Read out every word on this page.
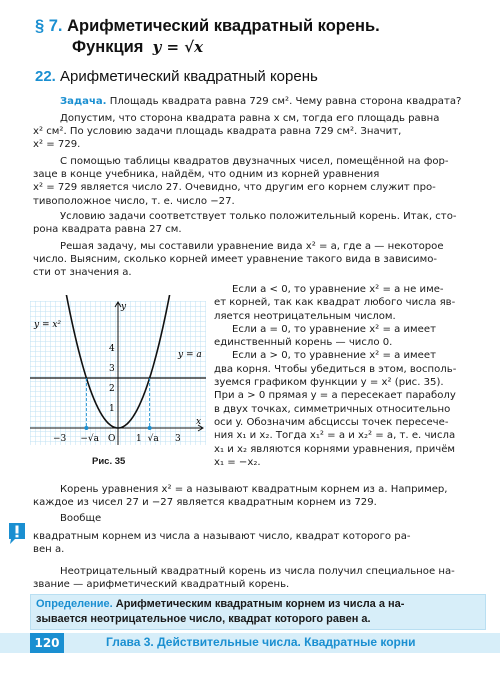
§ 7. Арифметический квадратный корень.
Функция y = √x
22. Арифметический квадратный корень
Задача. Площадь квадрата равна 729 см². Чему равна сторона квадрата?
Допустим, что сторона квадрата равна x см, тогда его площадь равна
x² см². По условию задачи площадь квадрата равна 729 см². Значит,
x² = 729.
С помощью таблицы квадратов двузначных чисел, помещённой на фор-
заце в конце учебника, найдём, что одним из корней уравнения
x² = 729 является число 27. Очевидно, что другим его корнем служит про-
тивоположное число, т. е. число −27.
Условию задачи соответствует только положительный корень. Итак, сто-
рона квадрата равна 27 см.
Решая задачу, мы составили уравнение вида x² = a, где a — некоторое
число. Выясним, сколько корней имеет уравнение такого вида в зависимо-
сти от значения a.
y = x²
y = a
y
x
4
3
2
1
−3 −√a O 1 √a 3
Рис. 35
Если a < 0, то уравнение x² = a не име-
ет корней, так как квадрат любого числа яв-
ляется неотрицательным числом.
Если a = 0, то уравнение x² = a имеет
единственный корень — число 0.
Если a > 0, то уравнение x² = a имеет
два корня. Чтобы убедиться в этом, восполь-
зуемся графиком функции y = x² (рис. 35).
При a > 0 прямая y = a пересекает параболу
в двух точках, симметричных относительно
оси y. Обозначим абсциссы точек пересече-
ния x₁ и x₂. Тогда x₁² = a и x₂² = a, т. е. числа
x₁ и x₂ являются корнями уравнения, причём
x₁ = −x₂.
Корень уравнения x² = a называют квадратным корнем из a. Например,
каждое из чисел 27 и −27 является квадратным корнем из 729.
Вообще
квадратным корнем из числа a называют число, квадрат которого ра-
вен a.
Неотрицательный квадратный корень из числа получил специальное на-
звание — арифметический квадратный корень.
Определение. Арифметическим квадратным корнем из числа a на-
зывается неотрицательное число, квадрат которого равен a.
120	Глава 3. Действительные числа. Квадратные корни
